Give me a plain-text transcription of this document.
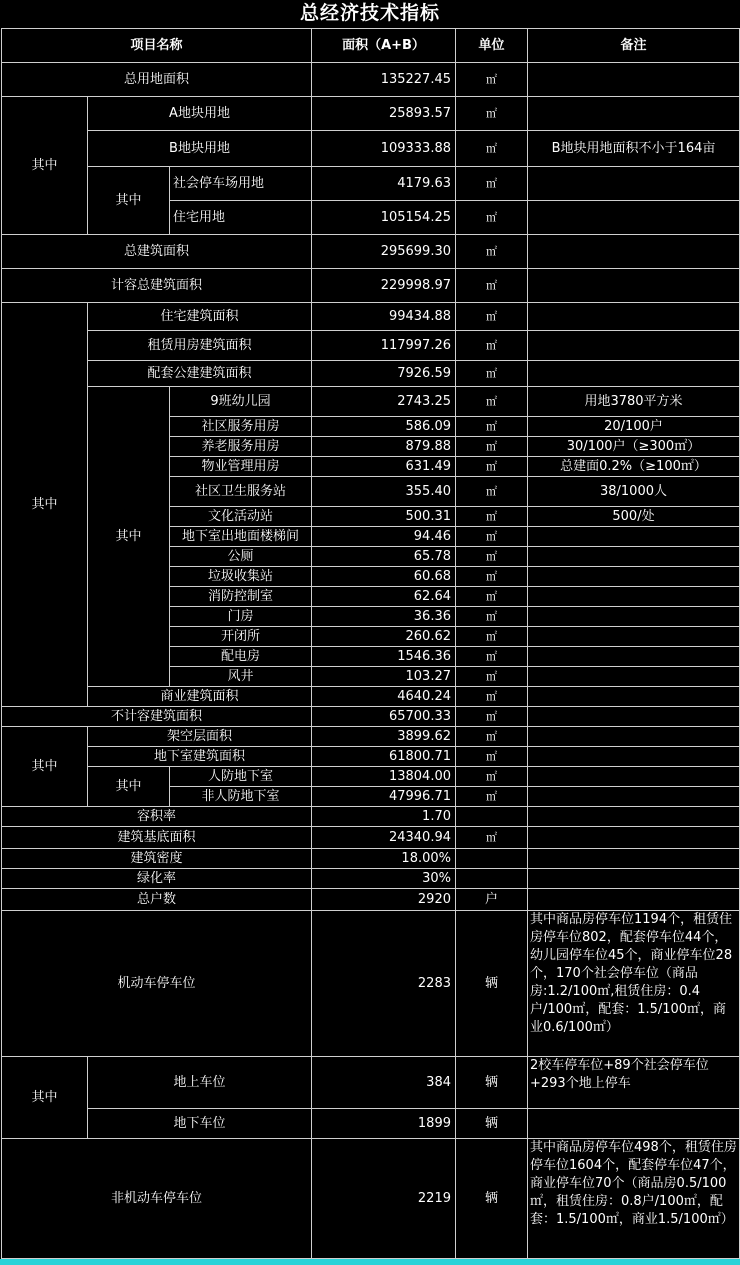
总经济技术指标
项目名称			面积（A+B）	单位	备注
总用地面积			135227.45	㎡	
其中	A地块用地		25893.57	㎡	
	B地块用地		109333.88	㎡	B地块用地面积不小于164亩
	其中	社会停车场用地	4179.63	㎡	
		住宅用地	105154.25	㎡	
总建筑面积			295699.30	㎡	
计容总建筑面积			229998.97	㎡	
其中	住宅建筑面积		99434.88	㎡	
	租赁用房建筑面积		117997.26	㎡	
	配套公建建筑面积		7926.59	㎡	
	其中	9班幼儿园	2743.25	㎡	用地3780平方米
		社区服务用房	586.09	㎡	20/100户
		养老服务用房	879.88	㎡	30/100户（≥300㎡）
		物业管理用房	631.49	㎡	总建面0.2%（≥100㎡）
		社区卫生服务站	355.40	㎡	38/1000人
		文化活动站	500.31	㎡	500/处
		地下室出地面楼梯间	94.46	㎡	
		公厕	65.78	㎡	
		垃圾收集站	60.68	㎡	
		消防控制室	62.64	㎡	
		门房	36.36	㎡	
		开闭所	260.62	㎡	
		配电房	1546.36	㎡	
		风井	103.27	㎡	
	商业建筑面积		4640.24	㎡	
不计容建筑面积			65700.33	㎡	
其中	架空层面积		3899.62	㎡	
	地下室建筑面积		61800.71	㎡	
	其中	人防地下室	13804.00	㎡	
		非人防地下室	47996.71	㎡	
容积率			1.70		
建筑基底面积			24340.94	㎡	
建筑密度			18.00%		
绿化率			30%		
总户数			2920	户	
机动车停车位			2283	辆	其中商品房停车位1194个，租赁住房停车位802，配套停车位44个，幼儿园停车位45个，商业停车位28个，170个社会停车位（商品房:1.2/100㎡,租赁住房：0.4户/100㎡，配套：1.5/100㎡，商业0.6/100㎡）
其中	地上车位		384	辆	2校车停车位+89个社会停车位+293个地上停车
	地下车位		1899	辆	
非机动车停车位			2219	辆	其中商品房停车位498个，租赁住房停车位1604个，配套停车位47个，商业停车位70个（商品房0.5/100㎡，租赁住房：0.8户/100㎡，配套：1.5/100㎡，商业1.5/100㎡）
